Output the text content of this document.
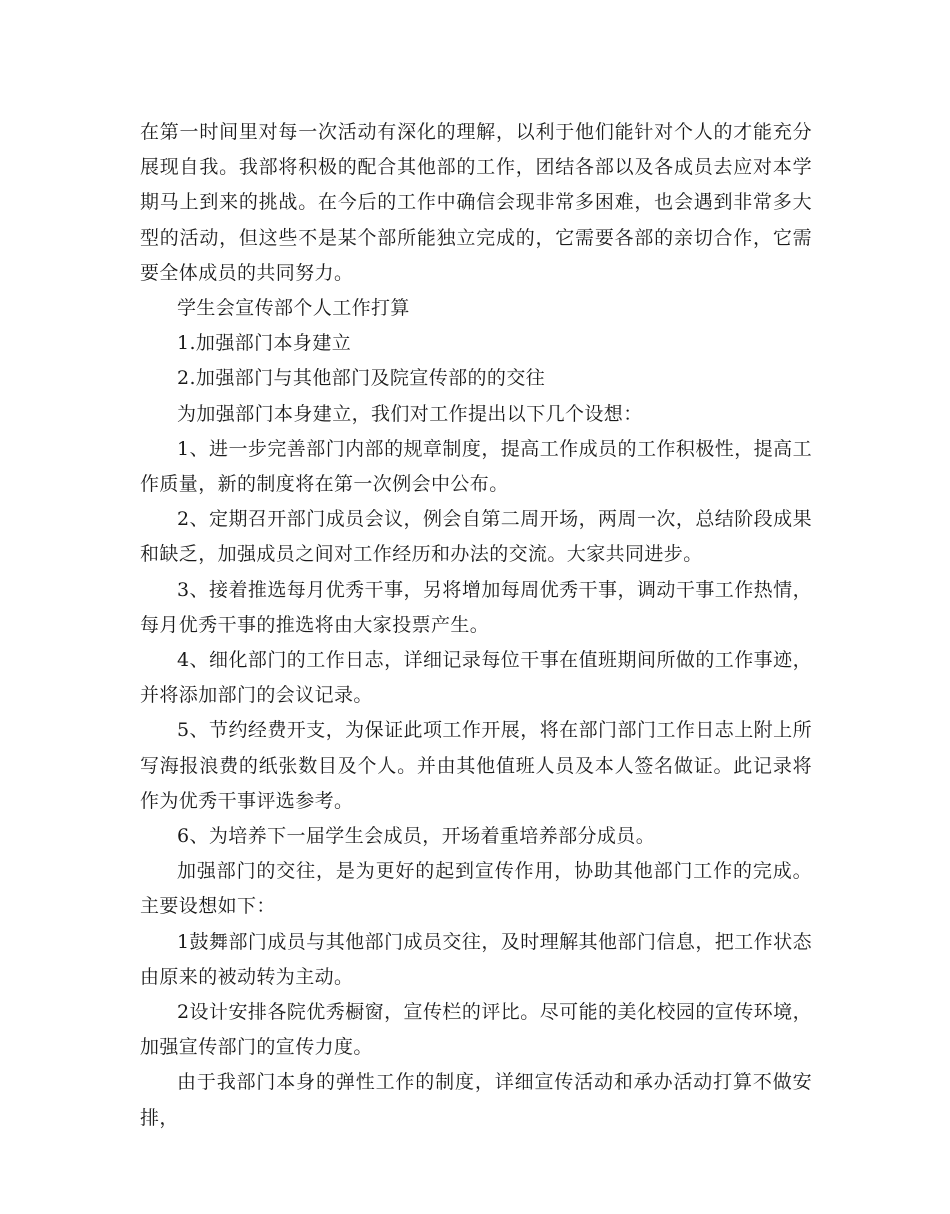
在第一时间里对每一次活动有深化的理解，以利于他们能针对个人的才能充分展现自我。我部将积极的配合其他部的工作，团结各部以及各成员去应对本学期马上到来的挑战。在今后的工作中确信会现非常多困难，也会遇到非常多大型的活动，但这些不是某个部所能独立完成的，它需要各部的亲切合作，它需要全体成员的共同努力。

学生会宣传部个人工作打算

1.加强部门本身建立

2.加强部门与其他部门及院宣传部的的交往

为加强部门本身建立，我们对工作提出以下几个设想：

1、进一步完善部门内部的规章制度，提高工作成员的工作积极性，提高工作质量，新的制度将在第一次例会中公布。

2、定期召开部门成员会议，例会自第二周开场，两周一次，总结阶段成果和缺乏，加强成员之间对工作经历和办法的交流。大家共同进步。

3、接着推选每月优秀干事，另将增加每周优秀干事，调动干事工作热情，每月优秀干事的推选将由大家投票产生。

4、细化部门的工作日志，详细记录每位干事在值班期间所做的工作事迹，并将添加部门的会议记录。

5、节约经费开支，为保证此项工作开展，将在部门部门工作日志上附上所写海报浪费的纸张数目及个人。并由其他值班人员及本人签名做证。此记录将作为优秀干事评选参考。

6、为培养下一届学生会成员，开场着重培养部分成员。

加强部门的交往，是为更好的起到宣传作用，协助其他部门工作的完成。主要设想如下：

1鼓舞部门成员与其他部门成员交往，及时理解其他部门信息，把工作状态由原来的被动转为主动。

2设计安排各院优秀橱窗，宣传栏的评比。尽可能的美化校园的宣传环境，加强宣传部门的宣传力度。

由于我部门本身的弹性工作的制度，详细宣传活动和承办活动打算不做安排，
